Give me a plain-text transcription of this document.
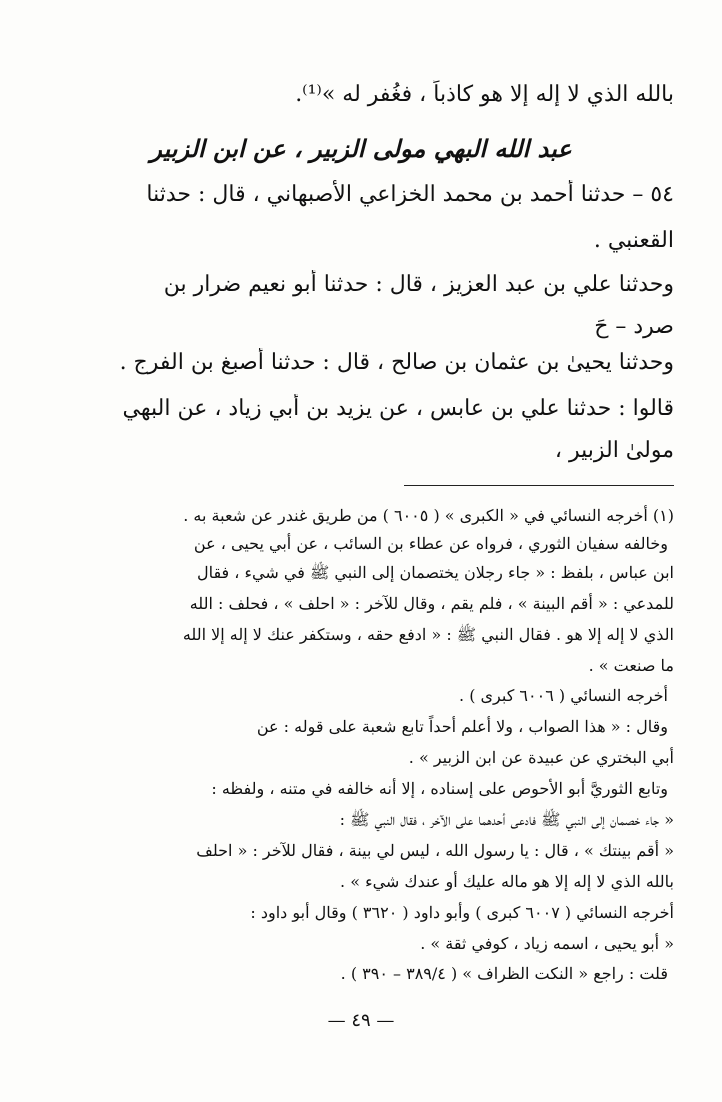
بالله الذي لا إله إلا هو كاذباً ، فغُفر له »⁽¹⁾.
عبد الله البهي مولى الزبير ، عن ابن الزبير
٥٤ – حدثنا أحمد بن محمد الخزاعي الأصبهاني ، قال : حدثنا
القعنبي .
وحدثنا علي بن عبد العزيز ، قال : حدثنا أبو نعيم ضرار بن
صرد – حَ
وحدثنا يحيىٰ بن عثمان بن صالح ، قال : حدثنا أصبغ بن الفرج .
قالوا : حدثنا علي بن عابس ، عن يزيد بن أبي زياد ، عن البهي
مولىٰ الزبير ،
(١) أخرجه النسائي في « الكبرى » ( ٦٠٠٥ ) من طريق غندر عن شعبة به .
وخالفه سفيان الثوري ، فرواه عن عطاء بن السائب ، عن أبي يحيى ، عن
ابن عباس ، بلفظ : « جاء رجلان يختصمان إلى النبي ﷺ في شيء ، فقال
للمدعي : « أقم البينة » ، فلم يقم ، وقال للآخر : « احلف » ، فحلف : الله
الذي لا إله إلا هو . فقال النبي ﷺ : « ادفع حقه ، وستكفر عنك لا إله إلا الله
ما صنعت » .
أخرجه النسائي ( ٦٠٠٦ كبرى ) .
وقال : « هذا الصواب ، ولا أعلم أحداً تابع شعبة على قوله : عن
أبي البختري عن عبيدة عن ابن الزبير » .
وتابع الثوريَّ أبو الأحوص على إسناده ، إلا أنه خالفه في متنه ، ولفظه :
« جاء خصمان إلى النبي ﷺ فادعى أحدهما على الآخر ، فقال النبي ﷺ :
« أقم بينتك » ، قال : يا رسول الله ، ليس لي بينة ، فقال للآخر : « احلف
بالله الذي لا إله إلا هو ماله عليك أو عندك شيء » .
أخرجه النسائي ( ٦٠٠٧ كبرى ) وأبو داود ( ٣٦٢٠ ) وقال أبو داود :
« أبو يحيى ، اسمه زياد ، كوفي ثقة » .
قلت : راجع « النكت الظراف » ( ٣٨٩/٤ – ٣٩٠ ) .
— ٤٩ —
